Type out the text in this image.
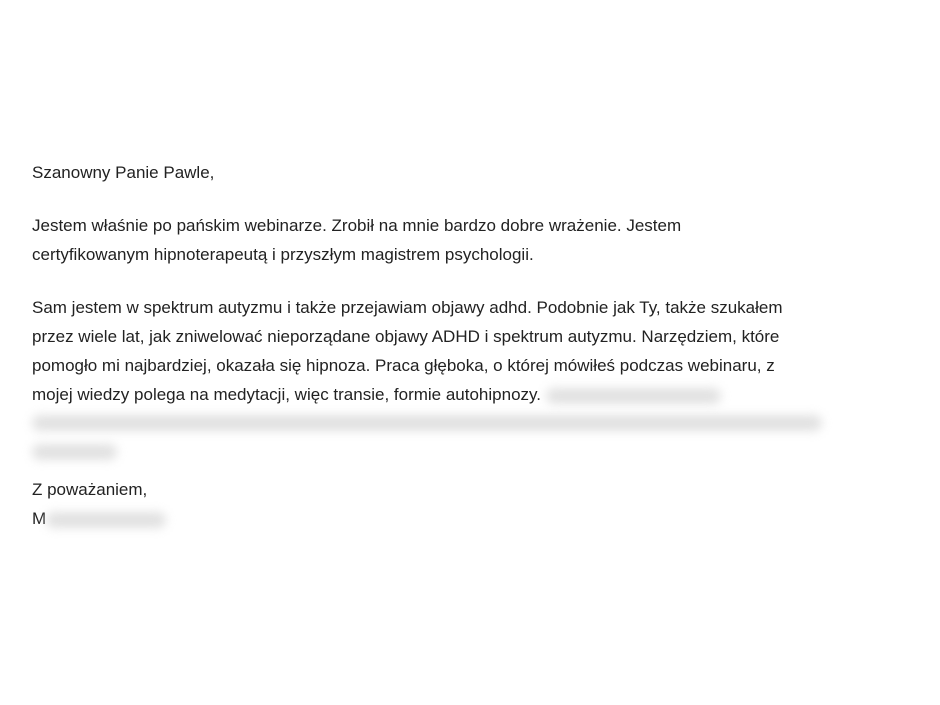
Szanowny Panie Pawle,

Jestem właśnie po pańskim webinarze. Zrobił na mnie bardzo dobre wrażenie. Jestem
certyfikowanym hipnoterapeutą i przyszłym magistrem psychologii.

Sam jestem w spektrum autyzmu i także przejawiam objawy adhd. Podobnie jak Ty, także szukałem
przez wiele lat, jak zniwelować nieporządane objawy ADHD i spektrum autyzmu. Narzędziem, które
pomogło mi najbardziej, okazała się hipnoza. Praca głęboka, o której mówiłeś podczas webinaru, z
mojej wiedzy polega na medytacji, więc transie, formie autohipnozy.

Z poważaniem,
M
